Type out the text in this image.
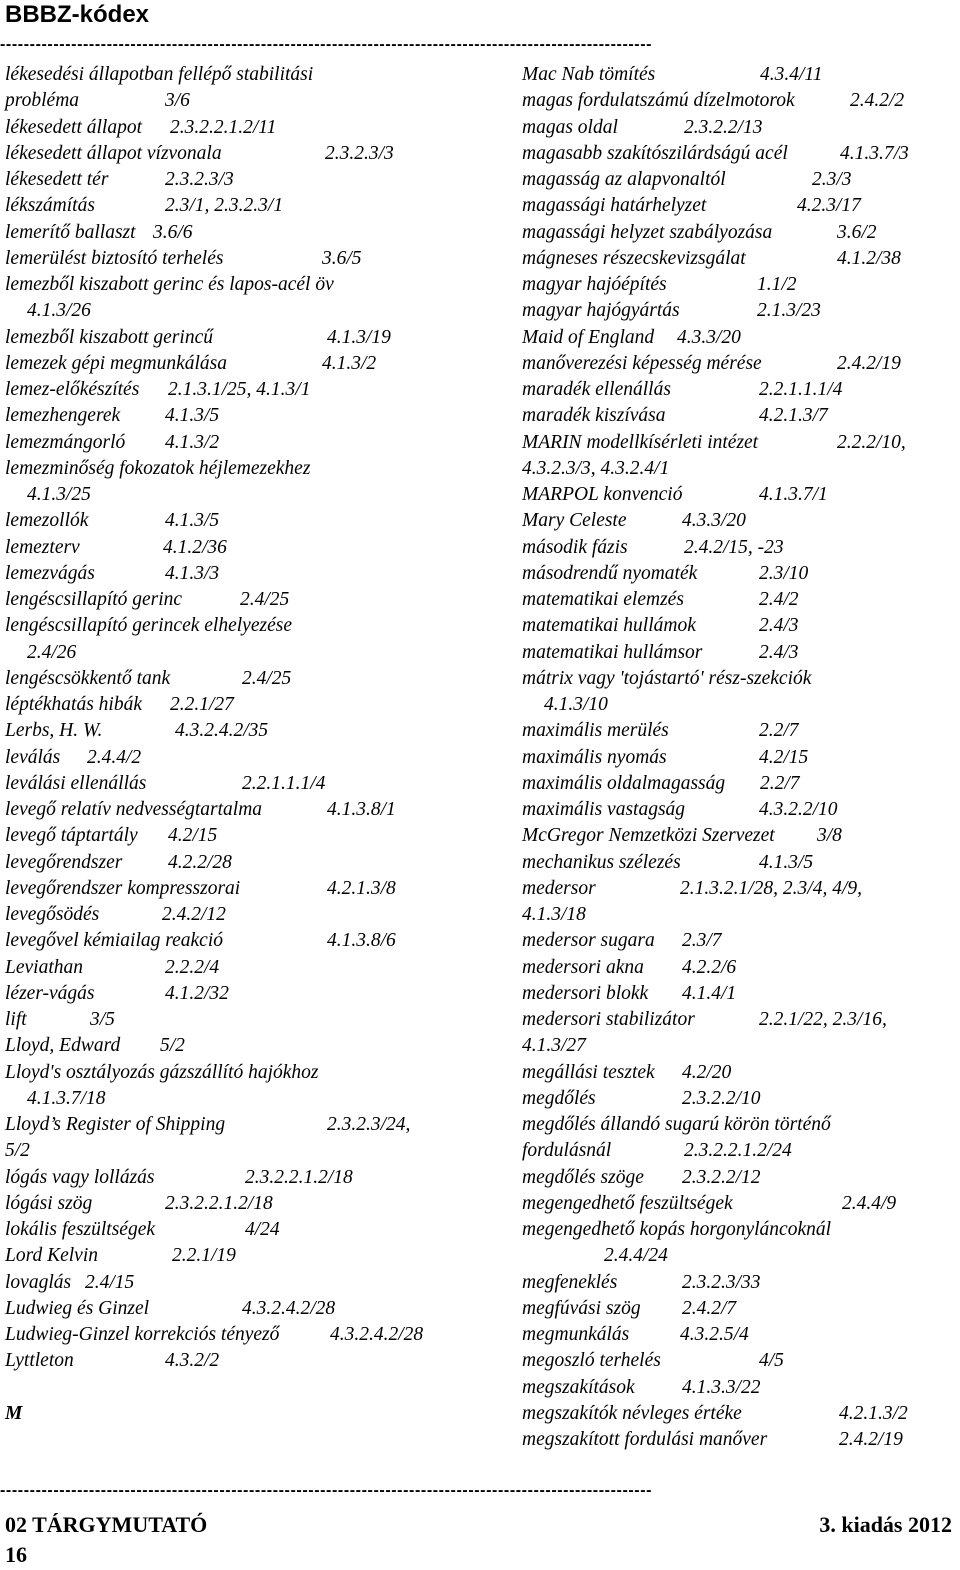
BBBZ-kódex
--------------------------------------------------------------------------------------------------------------
lékesedési állapotban fellépő stabilitási
probléma	3/6
lékesedett állapot 2.3.2.2.1.2/11
lékesedett állapot vízvonala	2.3.2.3/3
lékesedett tér	2.3.2.3/3
lékszámítás	2.3/1, 2.3.2.3/1
lemerítő ballaszt 3.6/6
lemerülést biztosító terhelés	3.6/5
lemezből kiszabott gerinc és lapos-acél öv
4.1.3/26
lemezből kiszabott gerincű	4.1.3/19
lemezek gépi megmunkálása	4.1.3/2
lemez-előkészítés 2.1.3.1/25, 4.1.3/1
lemezhengerek 4.1.3/5
lemezmángorló 4.1.3/2
lemezminőség fokozatok héjlemezekhez
4.1.3/25
lemezollók	4.1.3/5
lemezterv	4.1.2/36
lemezvágás	4.1.3/3
lengéscsillapító gerinc	2.4/25
lengéscsillapító gerincek elhelyezése
2.4/26
lengéscsökkentő tank	2.4/25
léptékhatás hibák 2.2.1/27
Lerbs, H. W.	4.3.2.4.2/35
leválás 2.4.4/2
leválási ellenállás	2.2.1.1.1/4
levegő relatív nedvességtartalma	4.1.3.8/1
levegő táptartály 4.2/15
levegőrendszer 4.2.2/28
levegőrendszer kompresszorai	4.2.1.3/8
levegősödés	2.4.2/12
levegővel kémiailag reakció	4.1.3.8/6
Leviathan	2.2.2/4
lézer-vágás	4.1.2/32
lift	3/5
Lloyd, Edward 5/2
Lloyd's osztályozás gázszállító hajókhoz
4.1.3.7/18
Lloyd’s Register of Shipping	2.3.2.3/24,
5/2
lógás vagy lollázás	2.3.2.2.1.2/18
lógási szög	2.3.2.2.1.2/18
lokális feszültségek	4/24
Lord Kelvin	2.2.1/19
lovaglás 2.4/15
Ludwieg és Ginzel	4.3.2.4.2/28
Ludwieg-Ginzel korrekciós tényező	4.3.2.4.2/28
Lyttleton	4.3.2/2
M
Mac Nab tömítés	4.3.4/11
magas fordulatszámú dízelmotorok	2.4.2/2
magas oldal	2.3.2.2/13
magasabb szakítószilárdságú acél	4.1.3.7/3
magasság az alapvonaltól	2.3/3
magassági határhelyzet	4.2.3/17
magassági helyzet szabályozása	3.6/2
mágneses részecskevizsgálat	4.1.2/38
magyar hajóépítés	1.1/2
magyar hajógyártás	2.1.3/23
Maid of England 4.3.3/20
manőverezési képesség mérése	2.4.2/19
maradék ellenállás	2.2.1.1.1/4
maradék kiszívása	4.2.1.3/7
MARIN modellkísérleti intézet	2.2.2/10,
4.3.2.3/3, 4.3.2.4/1
MARPOL konvenció	4.1.3.7/1
Mary Celeste	4.3.3/20
második fázis	2.4.2/15, -23
másodrendű nyomaték	2.3/10
matematikai elemzés	2.4/2
matematikai hullámok	2.4/3
matematikai hullámsor	2.4/3
mátrix vagy 'tojástartó' rész-szekciók
4.1.3/10
maximális merülés	2.2/7
maximális nyomás	4.2/15
maximális oldalmagasság 2.2/7
maximális vastagság	4.3.2.2/10
McGregor Nemzetközi Szervezet 3/8
mechanikus szélezés	4.1.3/5
medersor	2.1.3.2.1/28, 2.3/4, 4/9,
4.1.3/18
medersor sugara 2.3/7
medersori akna 4.2.2/6
medersori blokk 4.1.4/1
medersori stabilizátor	2.2.1/22, 2.3/16,
4.1.3/27
megállási tesztek 4.2/20
megdőlés	2.3.2.2/10
megdőlés állandó sugarú körön történő
fordulásnál	2.3.2.2.1.2/24
megdőlés szöge 2.3.2.2/12
megengedhető feszültségek	2.4.4/9
megengedhető kopás horgonyláncoknál
2.4.4/24
megfeneklés	2.3.2.3/33
megfúvási szög 2.4.2/7
megmunkálás	4.3.2.5/4
megoszló terhelés	4/5
megszakítások 4.1.3.3/22
megszakítók névleges értéke	4.2.1.3/2
megszakított fordulási manőver	2.4.2/19
--------------------------------------------------------------------------------------------------------------
02 TÁRGYMUTATÓ	3. kiadás 2012
16
